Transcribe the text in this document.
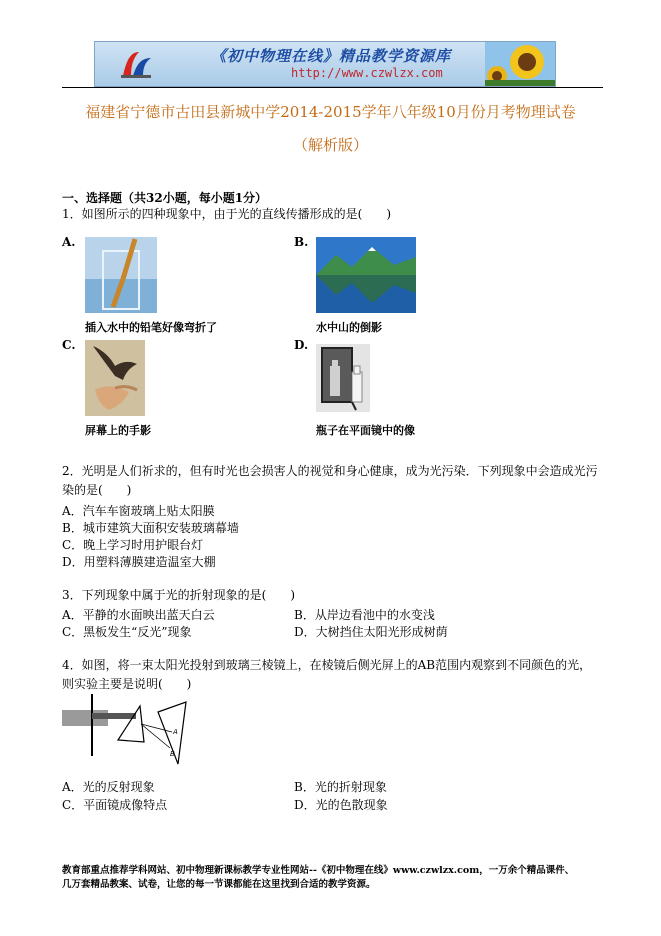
《初中物理在线》精品教学资源库
http://www.czwlzx.com
福建省宁德市古田县新城中学2014-2015学年八年级10月份月考物理试卷
（解析版）
一、选择题（共32小题，每小题1分）
1．如图所示的四种现象中，由于光的直线传播形成的是(　　)
A.
插入水中的铅笔好像弯折了
B.
水中山的倒影
C.
屏幕上的手影
D.
瓶子在平面镜中的像
2．光明是人们祈求的，但有时光也会损害人的视觉和身心健康，成为光污染．下列现象中会造成光污
染的是(　　)
A．汽车车窗玻璃上贴太阳膜
B．城市建筑大面积安装玻璃幕墙
C．晚上学习时用护眼台灯
D．用塑料薄膜建造温室大棚
3．下列现象中属于光的折射现象的是(　　)
A．平静的水面映出蓝天白云	B．从岸边看池中的水变浅
C．黑板发生“反光”现象	D．大树挡住太阳光形成树荫
4．如图，将一束太阳光投射到玻璃三棱镜上，在棱镜后侧光屏上的AB范围内观察到不同颜色的光，
则实验主要是说明(　　)
A
B
A．光的反射现象	B．光的折射现象
C．平面镜成像特点	D．光的色散现象
教育部重点推荐学科网站、初中物理新课标教学专业性网站--《初中物理在线》www.czwlzx.com，一万余个精品课件、
几万套精品教案、试卷，让您的每一节课都能在这里找到合适的教学资源。
